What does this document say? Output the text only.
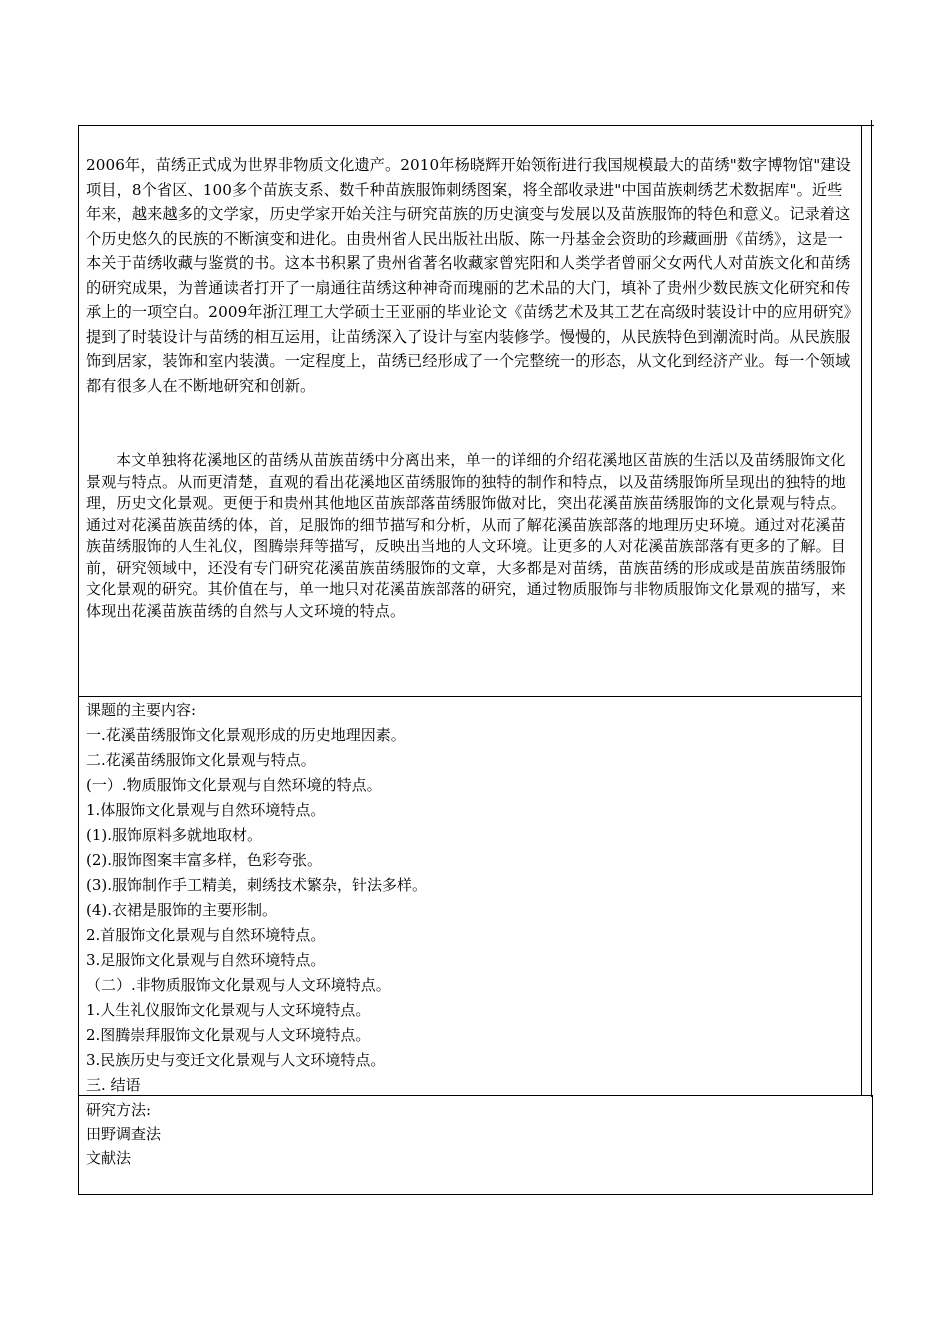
2006年，苗绣正式成为世界非物质文化遗产。2010年杨晓辉开始领衔进行我国规模最大的苗绣"数字博物馆"建设项目，8个省区、100多个苗族支系、数千种苗族服饰刺绣图案，将全部收录进"中国苗族刺绣艺术数据库"。近些年来，越来越多的文学家，历史学家开始关注与研究苗族的历史演变与发展以及苗族服饰的特色和意义。记录着这个历史悠久的民族的不断演变和进化。由贵州省人民出版社出版、陈一丹基金会资助的珍藏画册《苗绣》，这是一本关于苗绣收藏与鉴赏的书。这本书积累了贵州省著名收藏家曾宪阳和人类学者曾丽父女两代人对苗族文化和苗绣的研究成果，为普通读者打开了一扇通往苗绣这种神奇而瑰丽的艺术品的大门，填补了贵州少数民族文化研究和传承上的一项空白。2009年浙江理工大学硕士王亚丽的毕业论文《苗绣艺术及其工艺在高级时装设计中的应用研究》提到了时装设计与苗绣的相互运用，让苗绣深入了设计与室内装修学。慢慢的，从民族特色到潮流时尚。从民族服饰到居家，装饰和室内装潢。一定程度上，苗绣已经形成了一个完整统一的形态，从文化到经济产业。每一个领域都有很多人在不断地研究和创新。

本文单独将花溪地区的苗绣从苗族苗绣中分离出来，单一的详细的介绍花溪地区苗族的生活以及苗绣服饰文化景观与特点。从而更清楚，直观的看出花溪地区苗绣服饰的独特的制作和特点，以及苗绣服饰所呈现出的独特的地理，历史文化景观。更便于和贵州其他地区苗族部落苗绣服饰做对比，突出花溪苗族苗绣服饰的文化景观与特点。通过对花溪苗族苗绣的体，首，足服饰的细节描写和分析，从而了解花溪苗族部落的地理历史环境。通过对花溪苗族苗绣服饰的人生礼仪，图腾崇拜等描写，反映出当地的人文环境。让更多的人对花溪苗族部落有更多的了解。目前，研究领域中，还没有专门研究花溪苗族苗绣服饰的文章，大多都是对苗绣，苗族苗绣的形成或是苗族苗绣服饰文化景观的研究。其价值在与，单一地只对花溪苗族部落的研究，通过物质服饰与非物质服饰文化景观的描写，来体现出花溪苗族苗绣的自然与人文环境的特点。

课题的主要内容:
一.花溪苗绣服饰文化景观形成的历史地理因素。
二.花溪苗绣服饰文化景观与特点。
(一）.物质服饰文化景观与自然环境的特点。
1.体服饰文化景观与自然环境特点。
(1).服饰原料多就地取材。
(2).服饰图案丰富多样，色彩夸张。
(3).服饰制作手工精美，刺绣技术繁杂，针法多样。
(4).衣裙是服饰的主要形制。
2.首服饰文化景观与自然环境特点。
3.足服饰文化景观与自然环境特点。
（二）.非物质服饰文化景观与人文环境特点。
1.人生礼仪服饰文化景观与人文环境特点。
2.图腾崇拜服饰文化景观与人文环境特点。
3.民族历史与变迁文化景观与人文环境特点。
三. 结语
研究方法:
田野调查法
文献法
